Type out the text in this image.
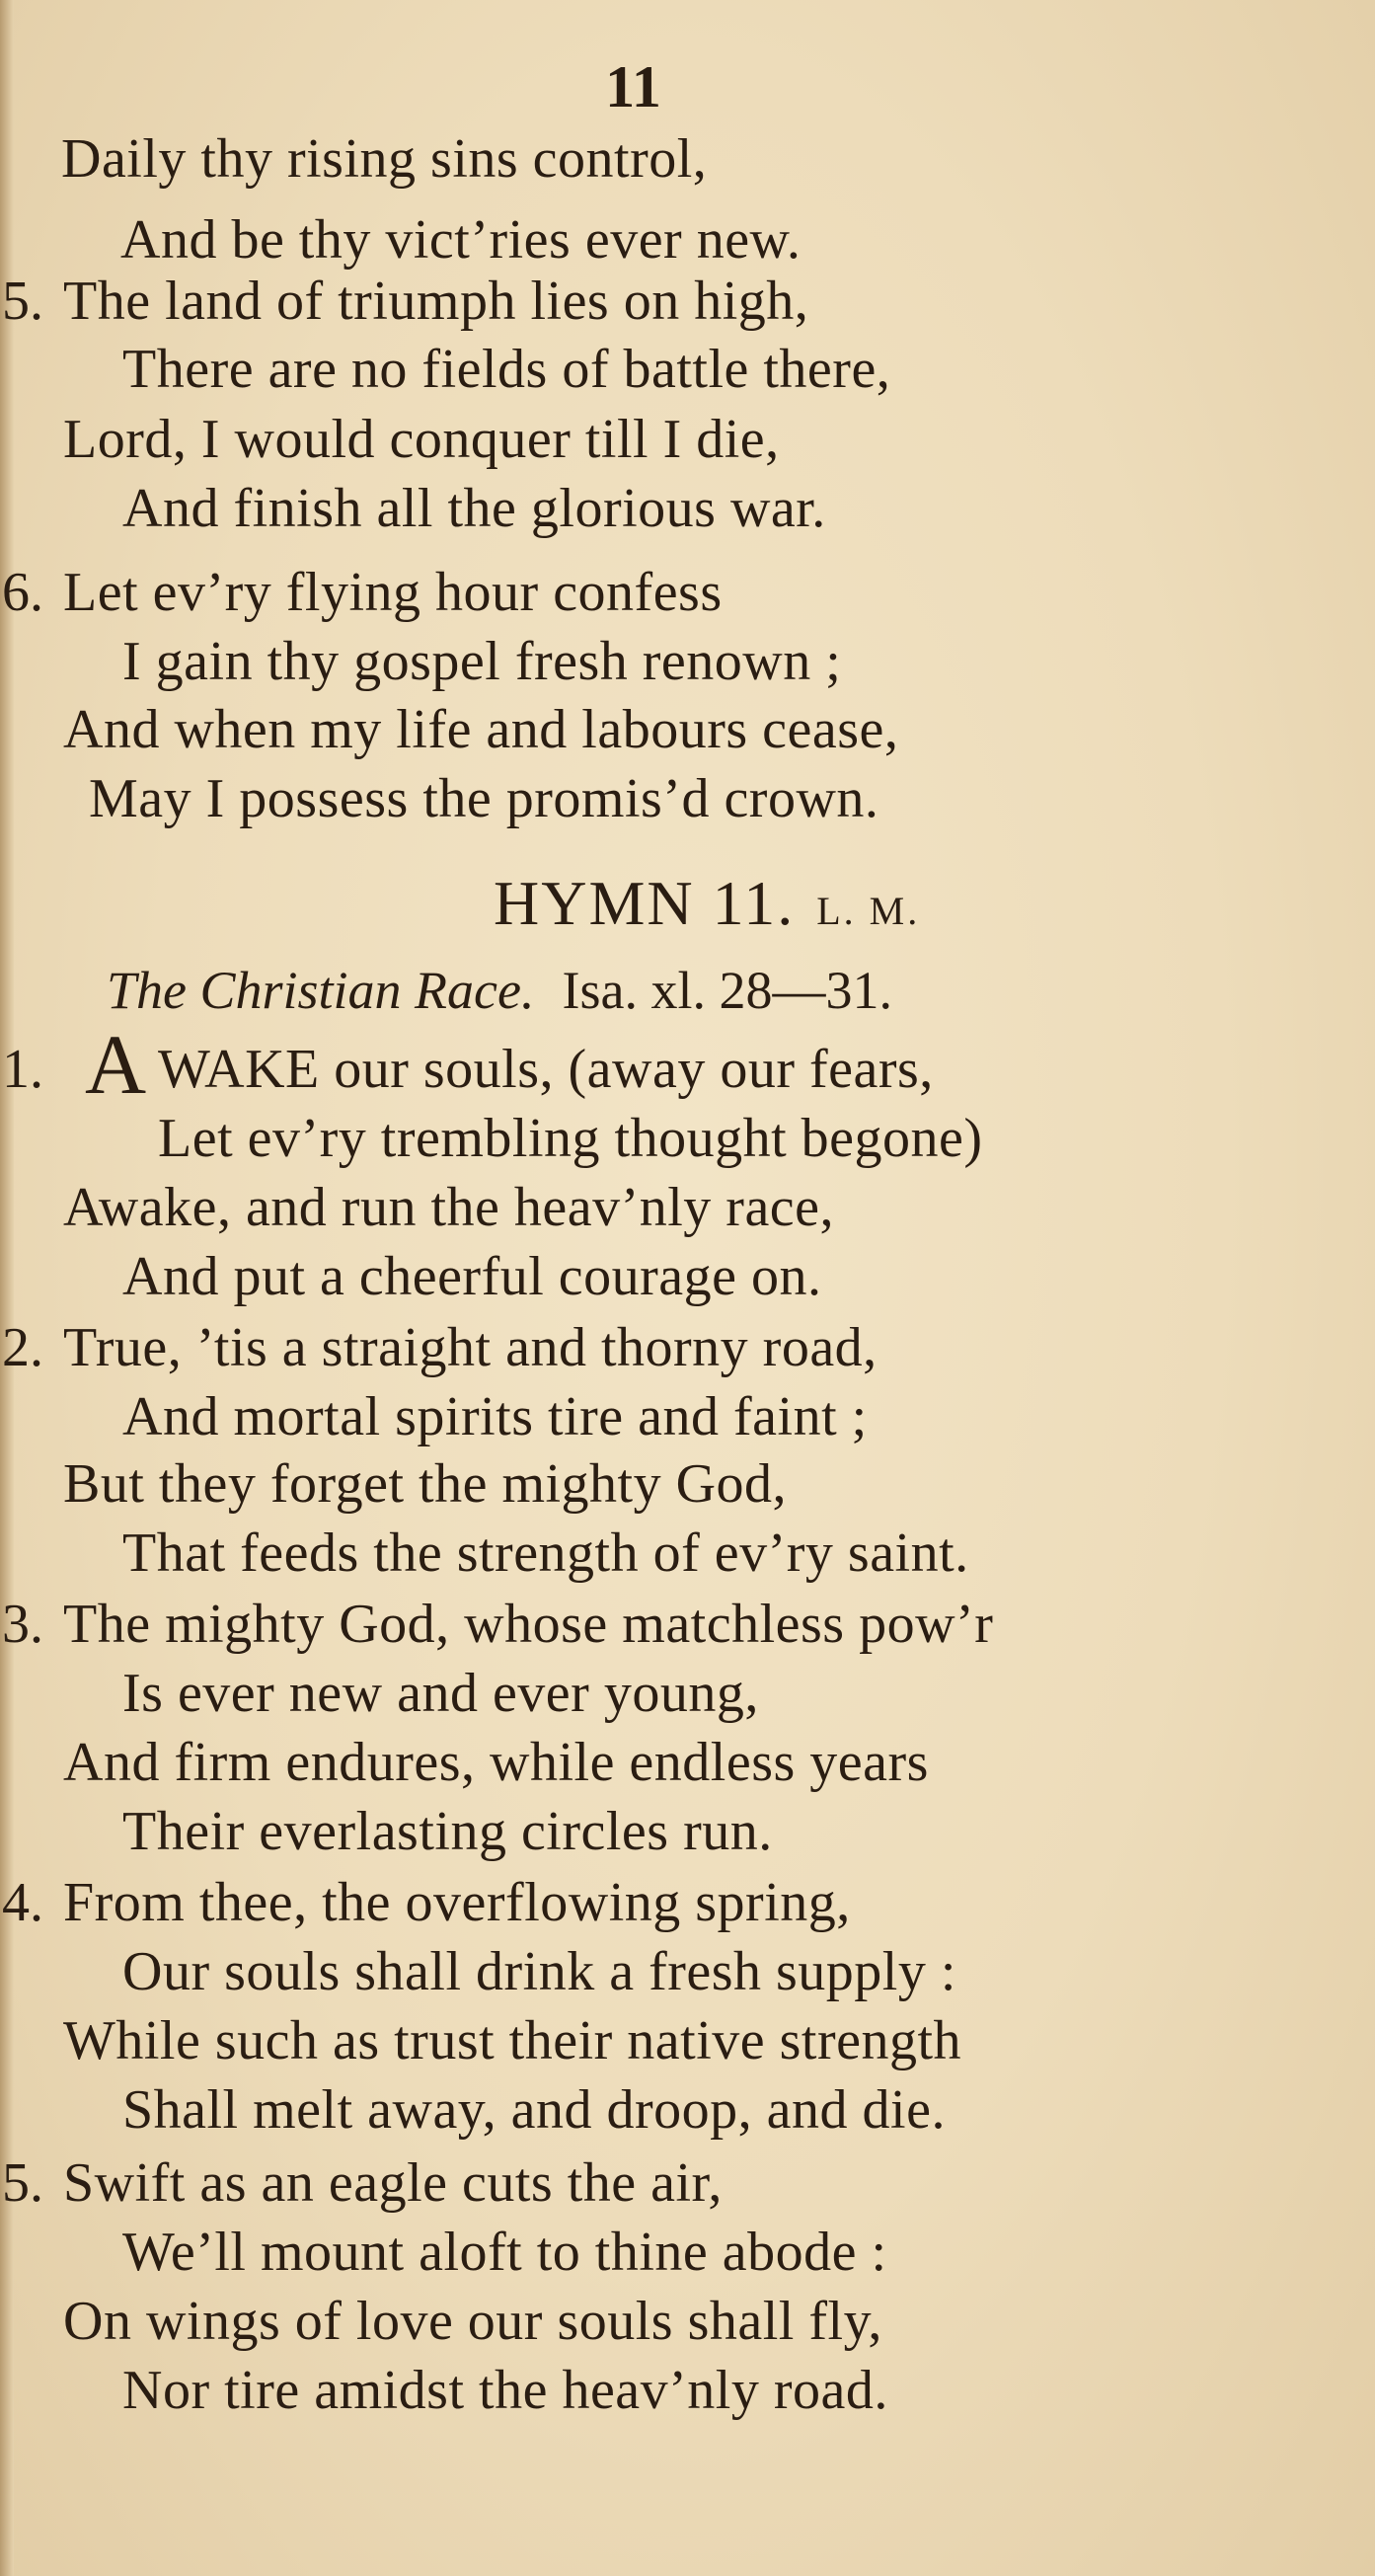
11
Daily thy rising sins control,
And be thy vict’ries ever new.
5. The land of triumph lies on high,
There are no fields of battle there,
Lord, I would conquer till I die,
And finish all the glorious war.
6. Let ev’ry flying hour confess
I gain thy gospel fresh renown ;
And when my life and labours cease,
May I possess the promis’d crown.
HYMN 11. L. M.
The Christian Race. Isa. xl. 28—31.
1. A WAKE our souls, (away our fears,
Let ev’ry trembling thought begone)
Awake, and run the heav’nly race,
And put a cheerful courage on.
2. True, ’tis a straight and thorny road,
And mortal spirits tire and faint ;
But they forget the mighty God,
That feeds the strength of ev’ry saint.
3. The mighty God, whose matchless pow’r
Is ever new and ever young,
And firm endures, while endless years
Their everlasting circles run.
4. From thee, the overflowing spring,
Our souls shall drink a fresh supply :
While such as trust their native strength
Shall melt away, and droop, and die.
5. Swift as an eagle cuts the air,
We’ll mount aloft to thine abode :
On wings of love our souls shall fly,
Nor tire amidst the heav’nly road.
